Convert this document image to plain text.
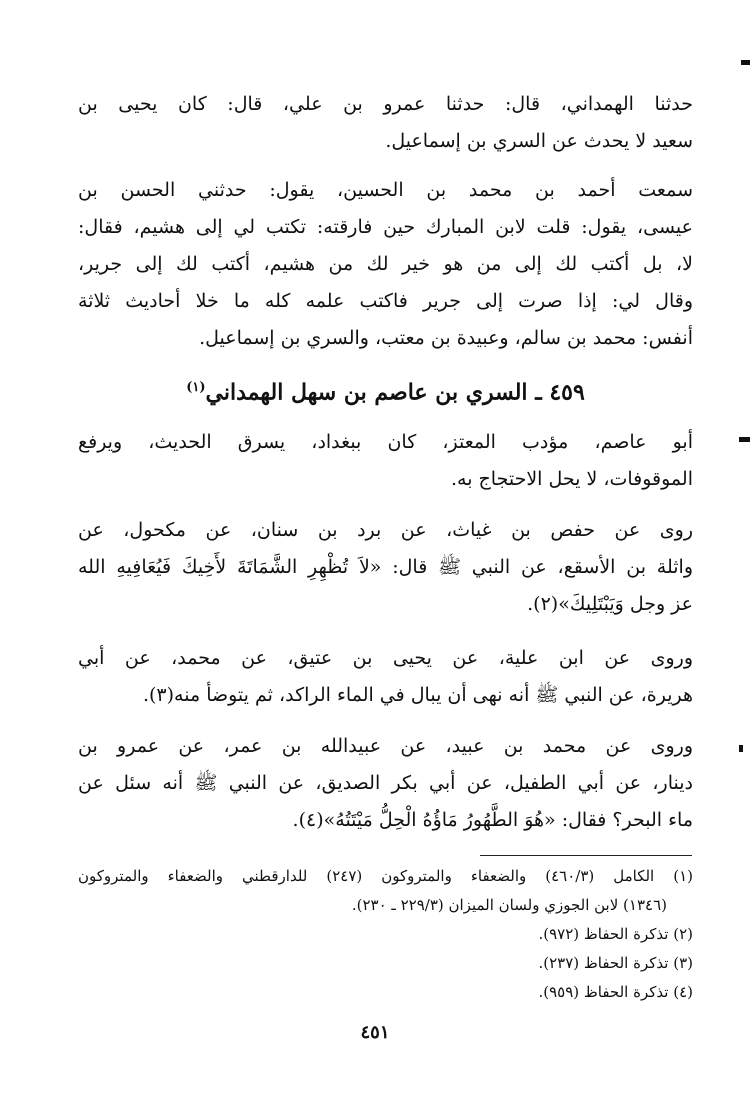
حدثنا الهمداني، قال: حدثنا عمرو بن علي، قال: كان يحيى بن
سعيد لا يحدث عن السري بن إسماعيل.
سمعت أحمد بن محمد بن الحسين، يقول: حدثني الحسن بن
عيسى، يقول: قلت لابن المبارك حين فارقته: تكتب لي إلى هشيم، فقال:
لا، بل أكتب لك إلى من هو خير لك من هشيم، أكتب لك إلى جرير،
وقال لي: إذا صرت إلى جرير فاكتب علمه كله ما خلا أحاديث ثلاثة
أنفس: محمد بن سالم، وعبيدة بن معتب، والسري بن إسماعيل.
٤٥٩ ـ السري بن عاصم بن سهل الهمداني$^{(١)}$
أبو عاصم، مؤدب المعتز، كان ببغداد، يسرق الحديث، ويرفع
الموقوفات، لا يحل الاحتجاج به.
روى عن حفص بن غياث، عن برد بن سنان، عن مكحول، عن
واثلة بن الأسقع، عن النبي ﷺ قال: «لاَ تُظْهِرِ الشَّمَاتَةَ لأَخِيكَ فَيُعَافِيهِ الله
عز وجل وَيَبْتَلِيكَ»(٢).
وروى عن ابن علية، عن يحيى بن عتيق، عن محمد، عن أبي
هريرة، عن النبي ﷺ أنه نهى أن يبال في الماء الراكد، ثم يتوضأ منه(٣).
وروى عن محمد بن عبيد، عن عبيدالله بن عمر، عن عمرو بن
دينار، عن أبي الطفيل، عن أبي بكر الصديق، عن النبي ﷺ أنه سئل عن
ماء البحر؟ فقال: «هُوَ الطَّهُورُ مَاؤُهُ الْحِلُّ مَيْتَتُهُ»(٤).
(١) الكامل (٤٦٠/٣) والضعفاء والمتروكون (٢٤٧) للدارقطني والضعفاء والمتروكون
(١٣٤٦) لابن الجوزي ولسان الميزان (٢٢٩/٣ ـ ٢٣٠).
(٢) تذكرة الحفاظ (٩٧٢).
(٣) تذكرة الحفاظ (٢٣٧).
(٤) تذكرة الحفاظ (٩٥٩).
٤٥١
